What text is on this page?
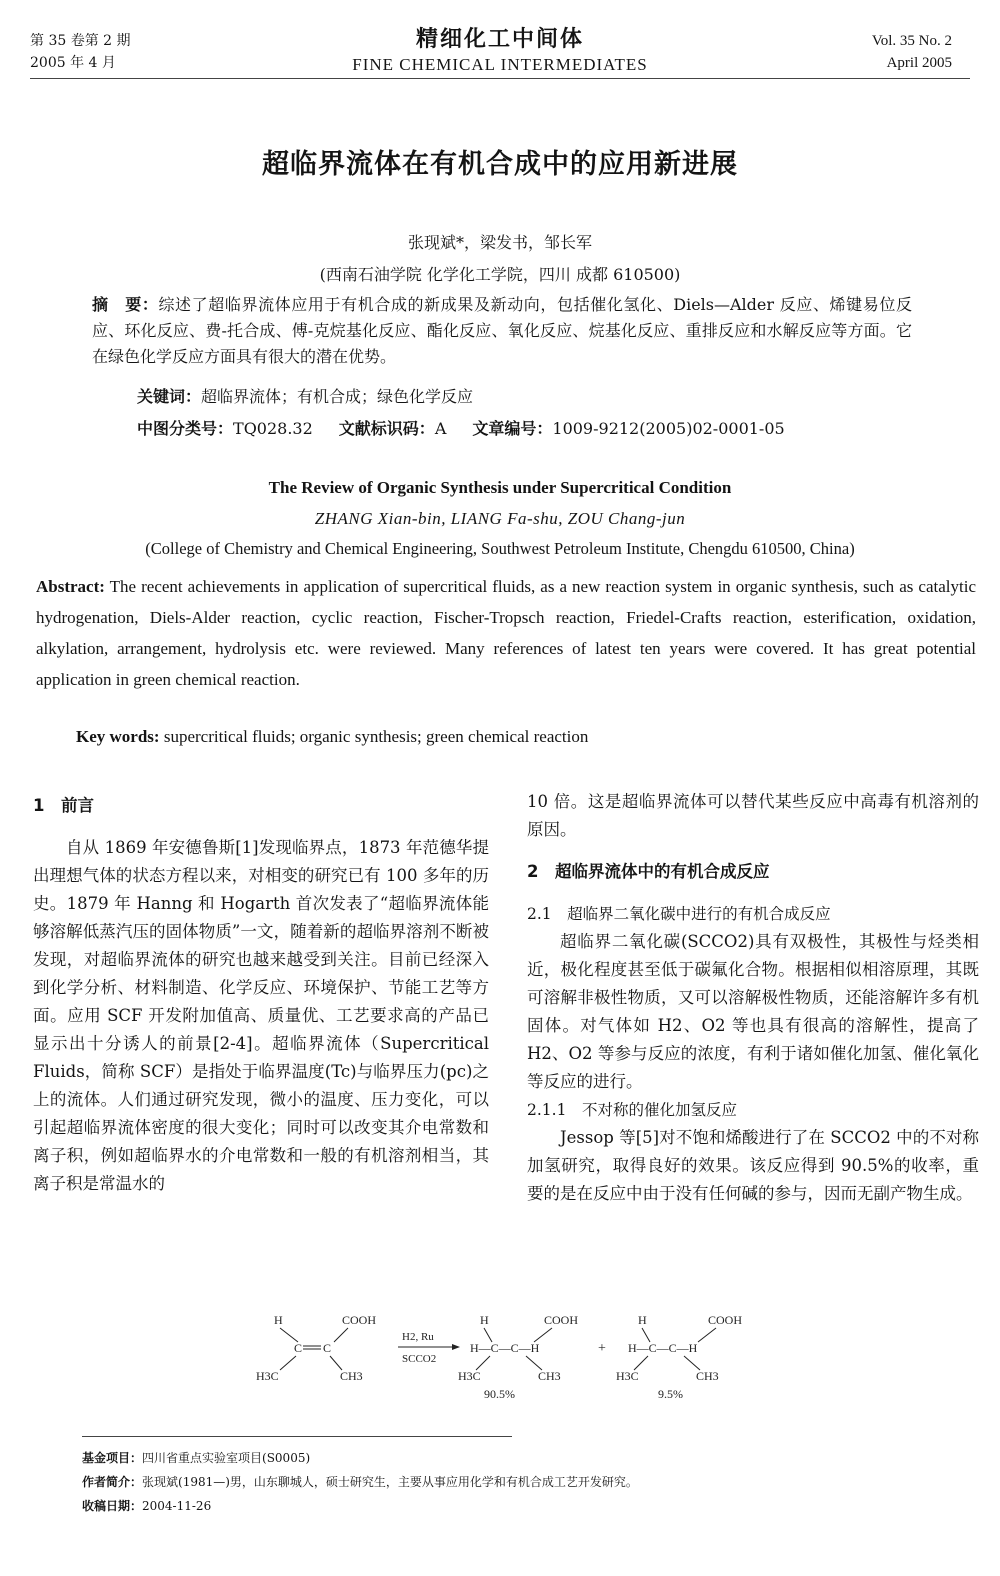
第 35 卷第 2 期
2005 年 4 月
精细化工中间体
FINE CHEMICAL INTERMEDIATES
Vol. 35 No. 2
April 2005
超临界流体在有机合成中的应用新进展
张现斌*，梁发书，邹长军
(西南石油学院 化学化工学院，四川 成都 610500)
摘　要：综述了超临界流体应用于有机合成的新成果及新动向，包括催化氢化、Diels—Alder 反应、烯键易位反应、环化反应、费-托合成、傅-克烷基化反应、酯化反应、氧化反应、烷基化反应、重排反应和水解反应等方面。它在绿色化学反应方面具有很大的潜在优势。
关键词：超临界流体；有机合成；绿色化学反应
中图分类号：TQ028.32 文献标识码：A 文章编号：1009-9212(2005)02-0001-05
The Review of Organic Synthesis under Supercritical Condition
ZHANG Xian-bin, LIANG Fa-shu, ZOU Chang-jun
(College of Chemistry and Chemical Engineering, Southwest Petroleum Institute, Chengdu 610500, China)
Abstract: The recent achievements in application of supercritical fluids, as a new reaction system in organic synthesis, such as catalytic hydrogenation, Diels-Alder reaction, cyclic reaction, Fischer-Tropsch reaction, Friedel-Crafts reaction, esterification, oxidation, alkylation, arrangement, hydrolysis etc. were reviewed. Many references of latest ten years were covered. It has great potential application in green chemical reaction.
Key words: supercritical fluids; organic synthesis; green chemical reaction
1　前言

自从 1869 年安德鲁斯[1]发现临界点，1873 年范德华提出理想气体的状态方程以来，对相变的研究已有 100 多年的历史。1879 年 Hanng 和 Hogarth 首次发表了“超临界流体能够溶解低蒸汽压的固体物质”一文，随着新的超临界溶剂不断被发现，对超临界流体的研究也越来越受到关注。目前已经深入到化学分析、材料制造、化学反应、环境保护、节能工艺等方面。应用 SCF 开发附加值高、质量优、工艺要求高的产品已显示出十分诱人的前景[2-4]。超临界流体（Supercritical Fluids，简称 SCF）是指处于临界温度(Tc)与临界压力(pc)之上的流体。人们通过研究发现，微小的温度、压力变化，可以引起超临界流体密度的很大变化；同时可以改变其介电常数和离子积，例如超临界水的介电常数和一般的有机溶剂相当，其离子积是常温水的

10 倍。这是超临界流体可以替代某些反应中高毒有机溶剂的原因。
2　超临界流体中的有机合成反应
2.1　超临界二氧化碳中进行的有机合成反应

超临界二氧化碳(SCCO2)具有双极性，其极性与烃类相近，极化程度甚至低于碳氟化合物。根据相似相溶原理，其既可溶解非极性物质，又可以溶解极性物质，还能溶解许多有机固体。对气体如 H2、O2 等也具有很高的溶解性，提高了 H2、O2 等参与反应的浓度，有利于诸如催化加氢、催化氧化等反应的进行。

2.1.1　不对称的催化加氢反应

Jessop 等[5]对不饱和烯酸进行了在 SCCO2 中的不对称加氢研究，取得良好的效果。该反应得到 90.5%的收率，重要的是在反应中由于没有任何碱的参与，因而无副产物生成。

H	COOH
C C
H3C	CH3
H2, Ru
SCCO2
H	COOH
H—C—C—H
H3C	CH3
90.5%
+
H	COOH
H—C—C—H
H3C	CH3
9.5%
基金项目：四川省重点实验室项目(S0005)
作者简介：张现斌(1981—)男，山东聊城人，硕士研究生，主要从事应用化学和有机合成工艺开发研究。
收稿日期：2004-11-26
